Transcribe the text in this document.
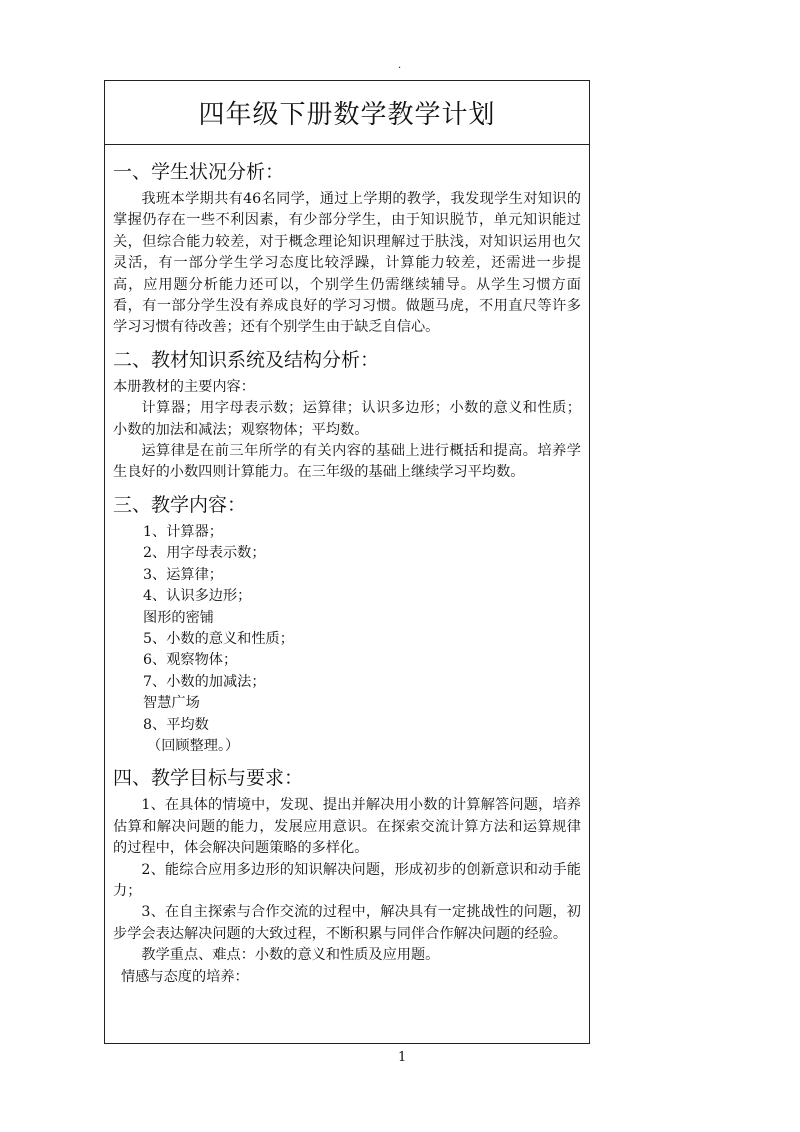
.
四年级下册数学教学计划
一、学生状况分析：

我班本学期共有46名同学，通过上学期的教学，我发现学生对知识的掌握仍存在一些不利因素，有少部分学生，由于知识脱节，单元知识能过关，但综合能力较差，对于概念理论知识理解过于肤浅，对知识运用也欠灵活，有一部分学生学习态度比较浮躁，计算能力较差，还需进一步提高，应用题分析能力还可以，个别学生仍需继续辅导。从学生习惯方面看，有一部分学生没有养成良好的学习习惯。做题马虎，不用直尺等许多学习习惯有待改善；还有个别学生由于缺乏自信心。

二、教材知识系统及结构分析：

本册教材的主要内容：

计算器；用字母表示数；运算律；认识多边形；小数的意义和性质；小数的加法和减法；观察物体；平均数。

运算律是在前三年所学的有关内容的基础上进行概括和提高。培养学生良好的小数四则计算能力。在三年级的基础上继续学习平均数。

三、教学内容：
1、计算器；
2、用字母表示数；
3、运算律；
4、认识多边形；
图形的密铺
5、小数的意义和性质；
6、观察物体；
7、小数的加减法；
智慧广场
8、平均数
（回顾整理。）
四、教学目标与要求：

1、在具体的情境中，发现、提出并解决用小数的计算解答问题，培养估算和解决问题的能力，发展应用意识。在探索交流计算方法和运算规律的过程中，体会解决问题策略的多样化。

2、能综合应用多边形的知识解决问题，形成初步的创新意识和动手能力；

3、在自主探索与合作交流的过程中，解决具有一定挑战性的问题，初步学会表达解决问题的大致过程，不断积累与同伴合作解决问题的经验。

教学重点、难点：小数的意义和性质及应用题。

情感与态度的培养：

1
